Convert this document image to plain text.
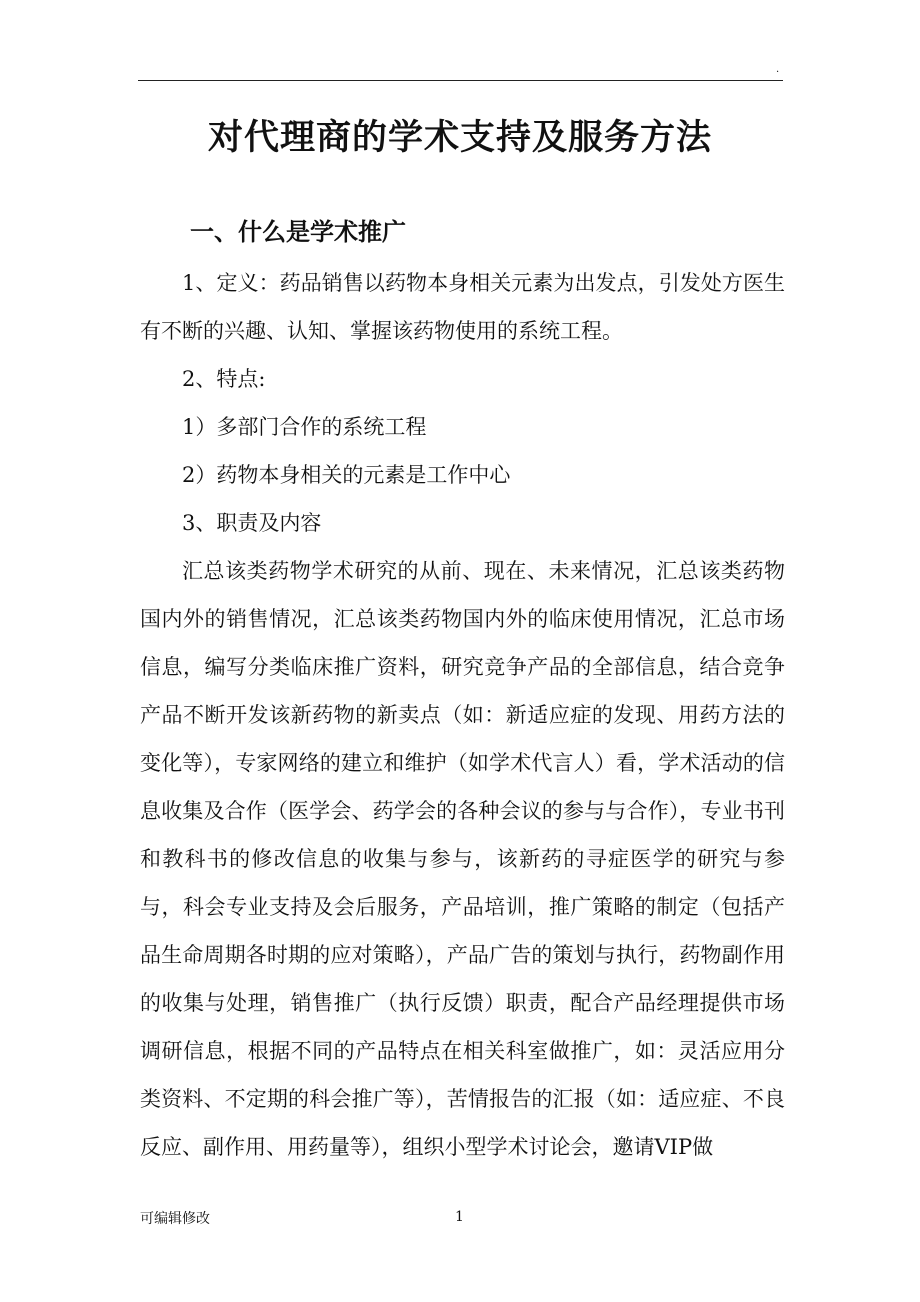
.
对代理商的学术支持及服务方法
一、什么是学术推广

1、定义：药品销售以药物本身相关元素为出发点，引发处方医生有不断的兴趣、认知、掌握该药物使用的系统工程。

2、特点:

1）多部门合作的系统工程

2）药物本身相关的元素是工作中心

3、职责及内容

汇总该类药物学术研究的从前、现在、未来情况，汇总该类药物国内外的销售情况，汇总该类药物国内外的临床使用情况，汇总市场信息，编写分类临床推广资料，研究竞争产品的全部信息，结合竞争产品不断开发该新药物的新卖点（如：新适应症的发现、用药方法的变化等），专家网络的建立和维护（如学术代言人）看，学术活动的信息收集及合作（医学会、药学会的各种会议的参与与合作），专业书刊和教科书的修改信息的收集与参与，该新药的寻症医学的研究与参与，科会专业支持及会后服务，产品培训，推广策略的制定（包括产品生命周期各时期的应对策略），产品广告的策划与执行，药物副作用的收集与处理，销售推广（执行反馈）职责，配合产品经理提供市场调研信息，根据不同的产品特点在相关科室做推广，如：灵活应用分类资料、不定期的科会推广等），苦情报告的汇报（如：适应症、不良反应、副作用、用药量等），组织小型学术讨论会，邀请VIP做

可编辑修改	1
